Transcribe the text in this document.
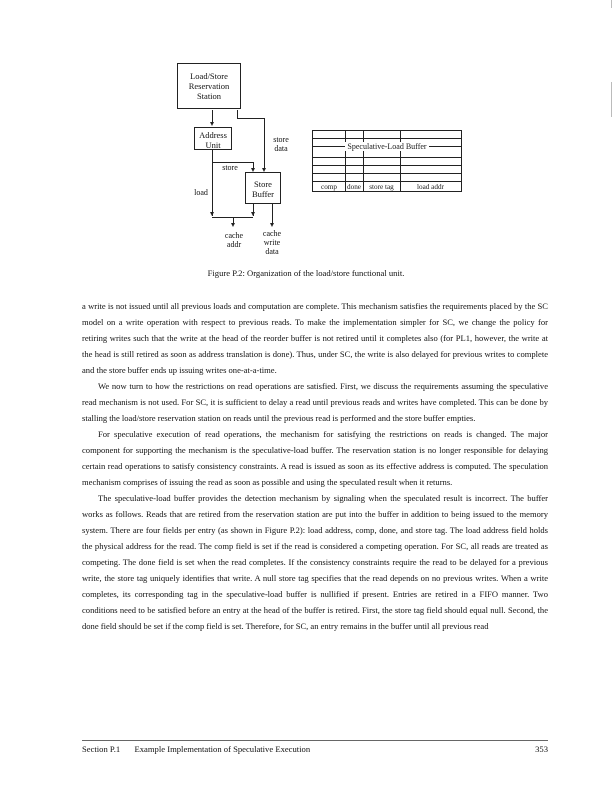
Load/Store
Reservation
Station
store
data
Address
Unit
store
load
Store
Buffer
cache
addr
cache
write
data
Speculative-Load Buffer
comp	done	store tag	load addr
Figure P.2: Organization of the load/store functional unit.

a write is not issued until all previous loads and computation are complete. This mechanism satisfies the requirements placed by the SC model on a write operation with respect to previous reads. To make the implementation simpler for SC, we change the policy for retiring writes such that the write at the head of the reorder buffer is not retired until it completes also (for PL1, however, the write at the head is still retired as soon as address translation is done). Thus, under SC, the write is also delayed for previous writes to complete and the store buffer ends up issuing writes one-at-a-time.

We now turn to how the restrictions on read operations are satisfied. First, we discuss the requirements assuming the speculative read mechanism is not used. For SC, it is sufficient to delay a read until previous reads and writes have completed. This can be done by stalling the load/store reservation station on reads until the previous read is performed and the store buffer empties.

For speculative execution of read operations, the mechanism for satisfying the restrictions on reads is changed. The major component for supporting the mechanism is the speculative-load buffer. The reservation station is no longer responsible for delaying certain read operations to satisfy consistency constraints. A read is issued as soon as its effective address is computed. The speculation mechanism comprises of issuing the read as soon as possible and using the speculated result when it returns.

The speculative-load buffer provides the detection mechanism by signaling when the speculated result is incorrect. The buffer works as follows. Reads that are retired from the reservation station are put into the buffer in addition to being issued to the memory system. There are four fields per entry (as shown in Figure P.2): load address, comp, done, and store tag. The load address field holds the physical address for the read. The comp field is set if the read is considered a competing operation. For SC, all reads are treated as competing. The done field is set when the read completes. If the consistency constraints require the read to be delayed for a previous write, the store tag uniquely identifies that write. A null store tag specifies that the read depends on no previous writes. When a write completes, its corresponding tag in the speculative-load buffer is nullified if present. Entries are retired in a FIFO manner. Two conditions need to be satisfied before an entry at the head of the buffer is retired. First, the store tag field should equal null. Second, the done field should be set if the comp field is set. Therefore, for SC, an entry remains in the buffer until all previous read

Section P.1 Example Implementation of Speculative Execution	353
